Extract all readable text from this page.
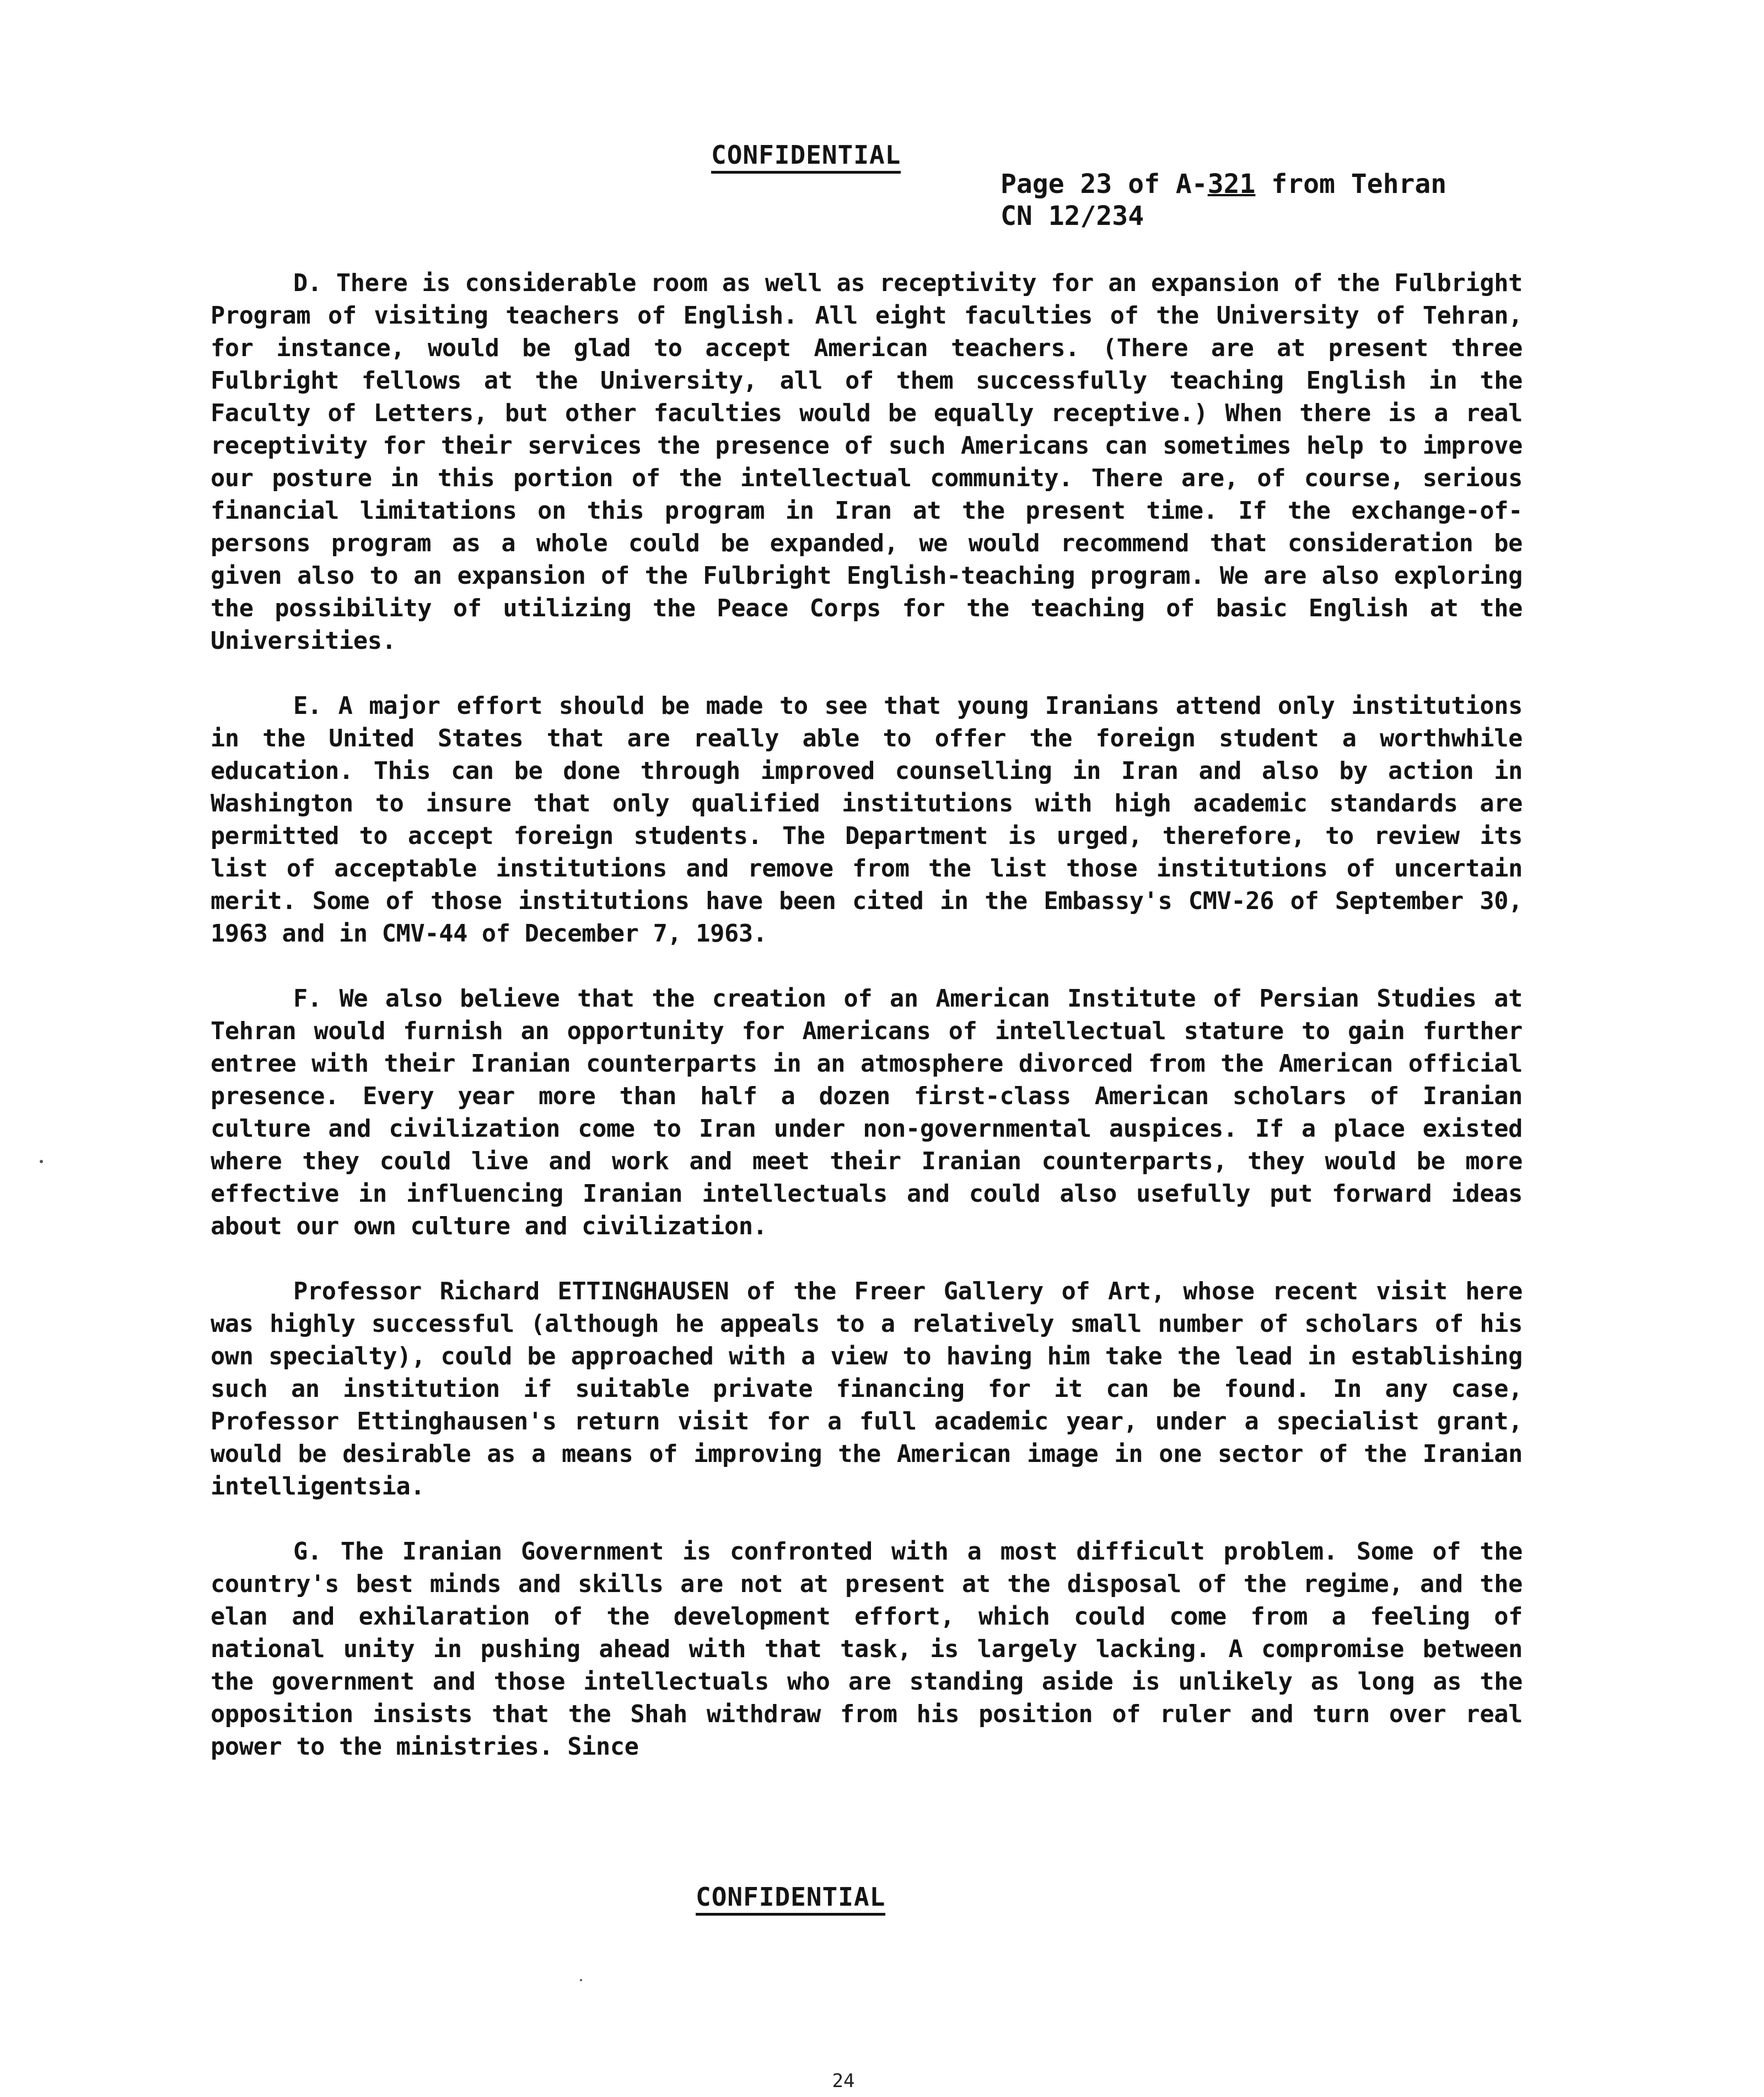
CONFIDENTIAL
Page 23 of A-321 from Tehran
CN 12/234

D. There is considerable room as well as receptivity for an expansion of the Fulbright Program of visiting teachers of English. All eight faculties of the University of Tehran, for instance, would be glad to accept American teachers. (There are at present three Fulbright fellows at the University, all of them successfully teaching English in the Faculty of Letters, but other faculties would be equally receptive.) When there is a real receptivity for their services the presence of such Americans can sometimes help to improve our posture in this portion of the intellectual community. There are, of course, serious financial limitations on this program in Iran at the present time. If the exchange-of-persons program as a whole could be expanded, we would recommend that consideration be given also to an expansion of the Fulbright English-teaching program. We are also exploring the possibility of utilizing the Peace Corps for the teaching of basic English at the Universities.

E. A major effort should be made to see that young Iranians attend only institutions in the United States that are really able to offer the foreign student a worthwhile education. This can be done through improved counselling in Iran and also by action in Washington to insure that only qualified institutions with high academic standards are permitted to accept foreign students. The Department is urged, therefore, to review its list of acceptable institutions and remove from the list those institutions of uncertain merit. Some of those institutions have been cited in the Embassy's CMV-26 of September 30, 1963 and in CMV-44 of December 7, 1963.

F. We also believe that the creation of an American Institute of Persian Studies at Tehran would furnish an opportunity for Americans of intellectual stature to gain further entree with their Iranian counterparts in an atmosphere divorced from the American official presence. Every year more than half a dozen first-class American scholars of Iranian culture and civilization come to Iran under non-governmental auspices. If a place existed where they could live and work and meet their Iranian counterparts, they would be more effective in influencing Iranian intellectuals and could also usefully put forward ideas about our own culture and civilization.

Professor Richard ETTINGHAUSEN of the Freer Gallery of Art, whose recent visit here was highly successful (although he appeals to a relatively small number of scholars of his own specialty), could be approached with a view to having him take the lead in establishing such an institution if suitable private financing for it can be found. In any case, Professor Ettinghausen's return visit for a full academic year, under a specialist grant, would be desirable as a means of improving the American image in one sector of the Iranian intelligentsia.

G. The Iranian Government is confronted with a most difficult problem. Some of the country's best minds and skills are not at present at the disposal of the regime, and the elan and exhilaration of the development effort, which could come from a feeling of national unity in pushing ahead with that task, is largely lacking. A compromise between the government and those intellectuals who are standing aside is unlikely as long as the opposition insists that the Shah withdraw from his position of ruler and turn over real power to the ministries. Since

CONFIDENTIAL
24
